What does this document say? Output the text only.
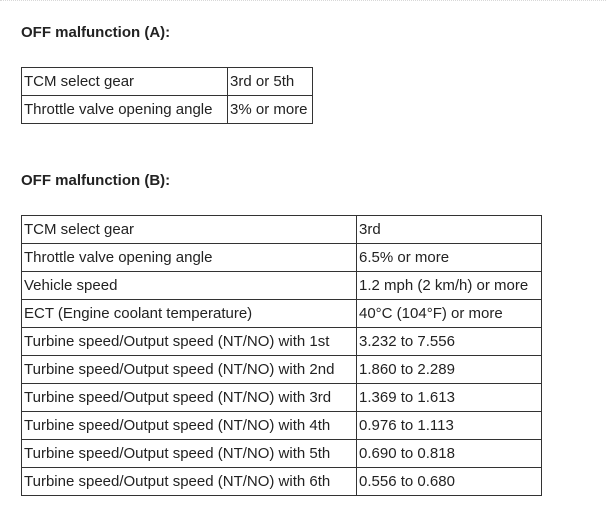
OFF malfunction (A):
TCM select gear	3rd or 5th
Throttle valve opening angle	3% or more
OFF malfunction (B):
TCM select gear	3rd
Throttle valve opening angle	6.5% or more
Vehicle speed	1.2 mph (2 km/h) or more
ECT (Engine coolant temperature)	40°C (104°F) or more
Turbine speed/Output speed (NT/NO) with 1st	3.232 to 7.556
Turbine speed/Output speed (NT/NO) with 2nd	1.860 to 2.289
Turbine speed/Output speed (NT/NO) with 3rd	1.369 to 1.613
Turbine speed/Output speed (NT/NO) with 4th	0.976 to 1.113
Turbine speed/Output speed (NT/NO) with 5th	0.690 to 0.818
Turbine speed/Output speed (NT/NO) with 6th	0.556 to 0.680
